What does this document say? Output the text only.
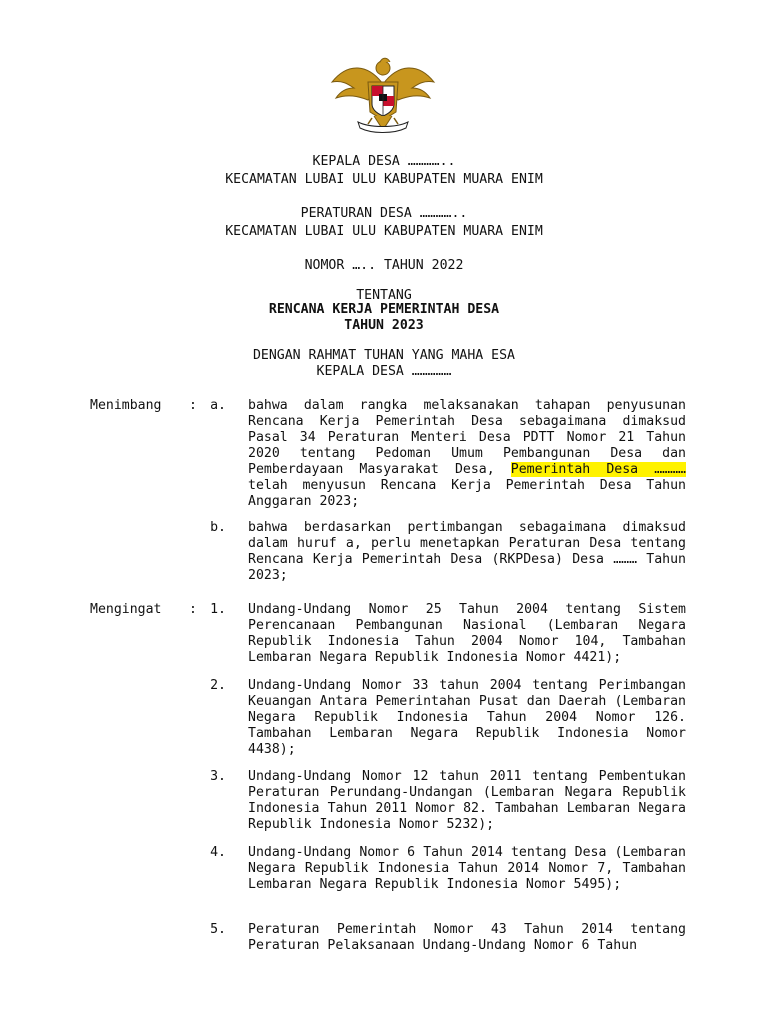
KEPALA DESA …………..
KECAMATAN LUBAI ULU KABUPATEN MUARA ENIM
PERATURAN DESA …………..
KECAMATAN LUBAI ULU KABUPATEN MUARA ENIM
NOMOR ….. TAHUN 2022
TENTANG
RENCANA KERJA PEMERINTAH DESA
TAHUN 2023
DENGAN RAHMAT TUHAN YANG MAHA ESA
KEPALA DESA ……………
Menimbang : a. bahwa dalam rangka melaksanakan tahapan penyusunan Rencana Kerja Pemerintah Desa sebagaimana dimaksud Pasal 34 Peraturan Menteri Desa PDTT Nomor 21 Tahun 2020 tentang Pedoman Umum Pembangunan Desa dan Pemberdayaan Masyarakat Desa, Pemerintah Desa ………… telah menyusun Rencana Kerja Pemerintah Desa Tahun Anggaran 2023;
b. bahwa berdasarkan pertimbangan sebagaimana dimaksud dalam huruf a, perlu menetapkan Peraturan Desa tentang Rencana Kerja Pemerintah Desa (RKPDesa) Desa ……… Tahun 2023;
Mengingat : 1. Undang-Undang Nomor 25 Tahun 2004 tentang Sistem Perencanaan Pembangunan Nasional (Lembaran Negara Republik Indonesia Tahun 2004 Nomor 104, Tambahan Lembaran Negara Republik Indonesia Nomor 4421);
2. Undang-Undang Nomor 33 tahun 2004 tentang Perimbangan Keuangan Antara Pemerintahan Pusat dan Daerah (Lembaran Negara Republik Indonesia Tahun 2004 Nomor 126. Tambahan Lembaran Negara Republik Indonesia Nomor 4438);
3. Undang-Undang Nomor 12 tahun 2011 tentang Pembentukan Peraturan Perundang-Undangan (Lembaran Negara Republik Indonesia Tahun 2011 Nomor 82. Tambahan Lembaran Negara Republik Indonesia Nomor 5232);
4. Undang-Undang Nomor 6 Tahun 2014 tentang Desa (Lembaran Negara Republik Indonesia Tahun 2014 Nomor 7, Tambahan Lembaran Negara Republik Indonesia Nomor 5495);
5. Peraturan Pemerintah Nomor 43 Tahun 2014 tentang Peraturan Pelaksanaan Undang-Undang Nomor 6 Tahun
